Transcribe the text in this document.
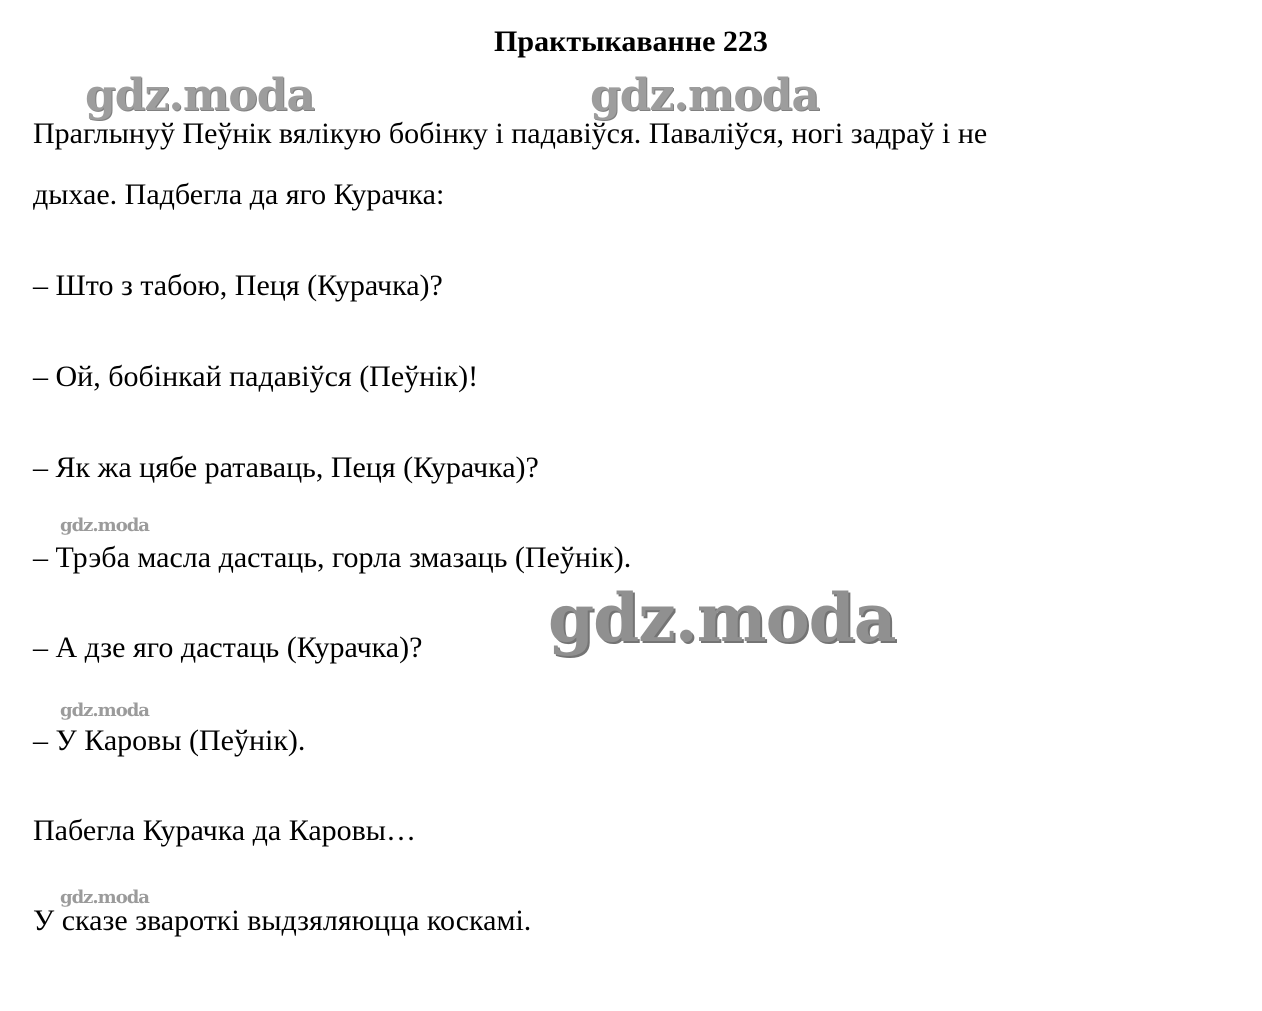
Практыкаванне 223
gdz.moda	gdz.moda
Праглынуў Пеўнік вялікую бобінку і падавіўся. Паваліўся, ногі задраў і не
дыхае. Падбегла да яго Курачка:
– Што з табою, Пеця (Курачка)?
– Ой, бобінкай падавіўся (Пеўнік)!
– Як жа цябе ратаваць, Пеця (Курачка)?
gdz.moda
– Трэба масла дастаць, горла змазаць (Пеўнік).
gdz.moda
– А дзе яго дастаць (Курачка)?
gdz.moda
– У Каровы (Пеўнік).
Пабегла Курачка да Каровы…
gdz.moda
У сказе звароткі выдзяляюцца коскамі.
